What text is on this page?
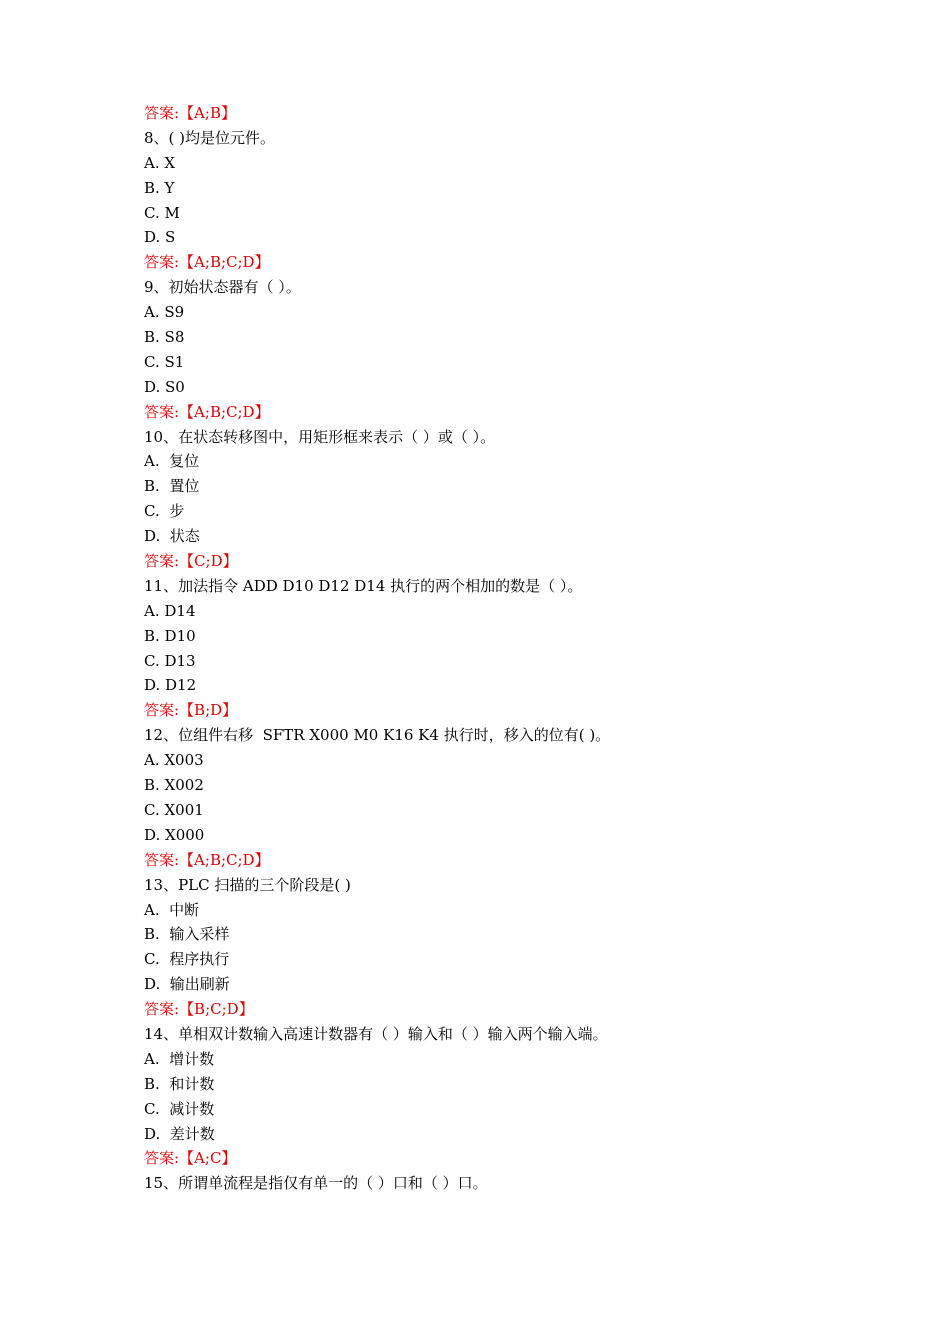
答案:【A;B】
8、( )均是位元件。
A. X
B. Y
C. M
D. S
答案:【A;B;C;D】
9、初始状态器有（ ）。
A. S9
B. S8
C. S1
D. S0
答案:【A;B;C;D】
10、在状态转移图中，用矩形框来表示（ ）或（ ）。
A.  复位
B.  置位
C.  步
D.  状态
答案:【C;D】
11、加法指令 ADD D10 D12 D14 执行的两个相加的数是（ ）。
A. D14
B. D10
C. D13
D. D12
答案:【B;D】
12、位组件右移  SFTR X000 M0 K16 K4 执行时，移入的位有( )。
A. X003
B. X002
C. X001
D. X000
答案:【A;B;C;D】
13、PLC 扫描的三个阶段是( )
A.  中断
B.  输入采样
C.  程序执行
D.  输出刷新
答案:【B;C;D】
14、单相双计数输入高速计数器有（ ）输入和（ ）输入两个输入端。
A.  增计数
B.  和计数
C.  减计数
D.  差计数
答案:【A;C】
15、所谓单流程是指仅有单一的（ ）口和（ ）口。
